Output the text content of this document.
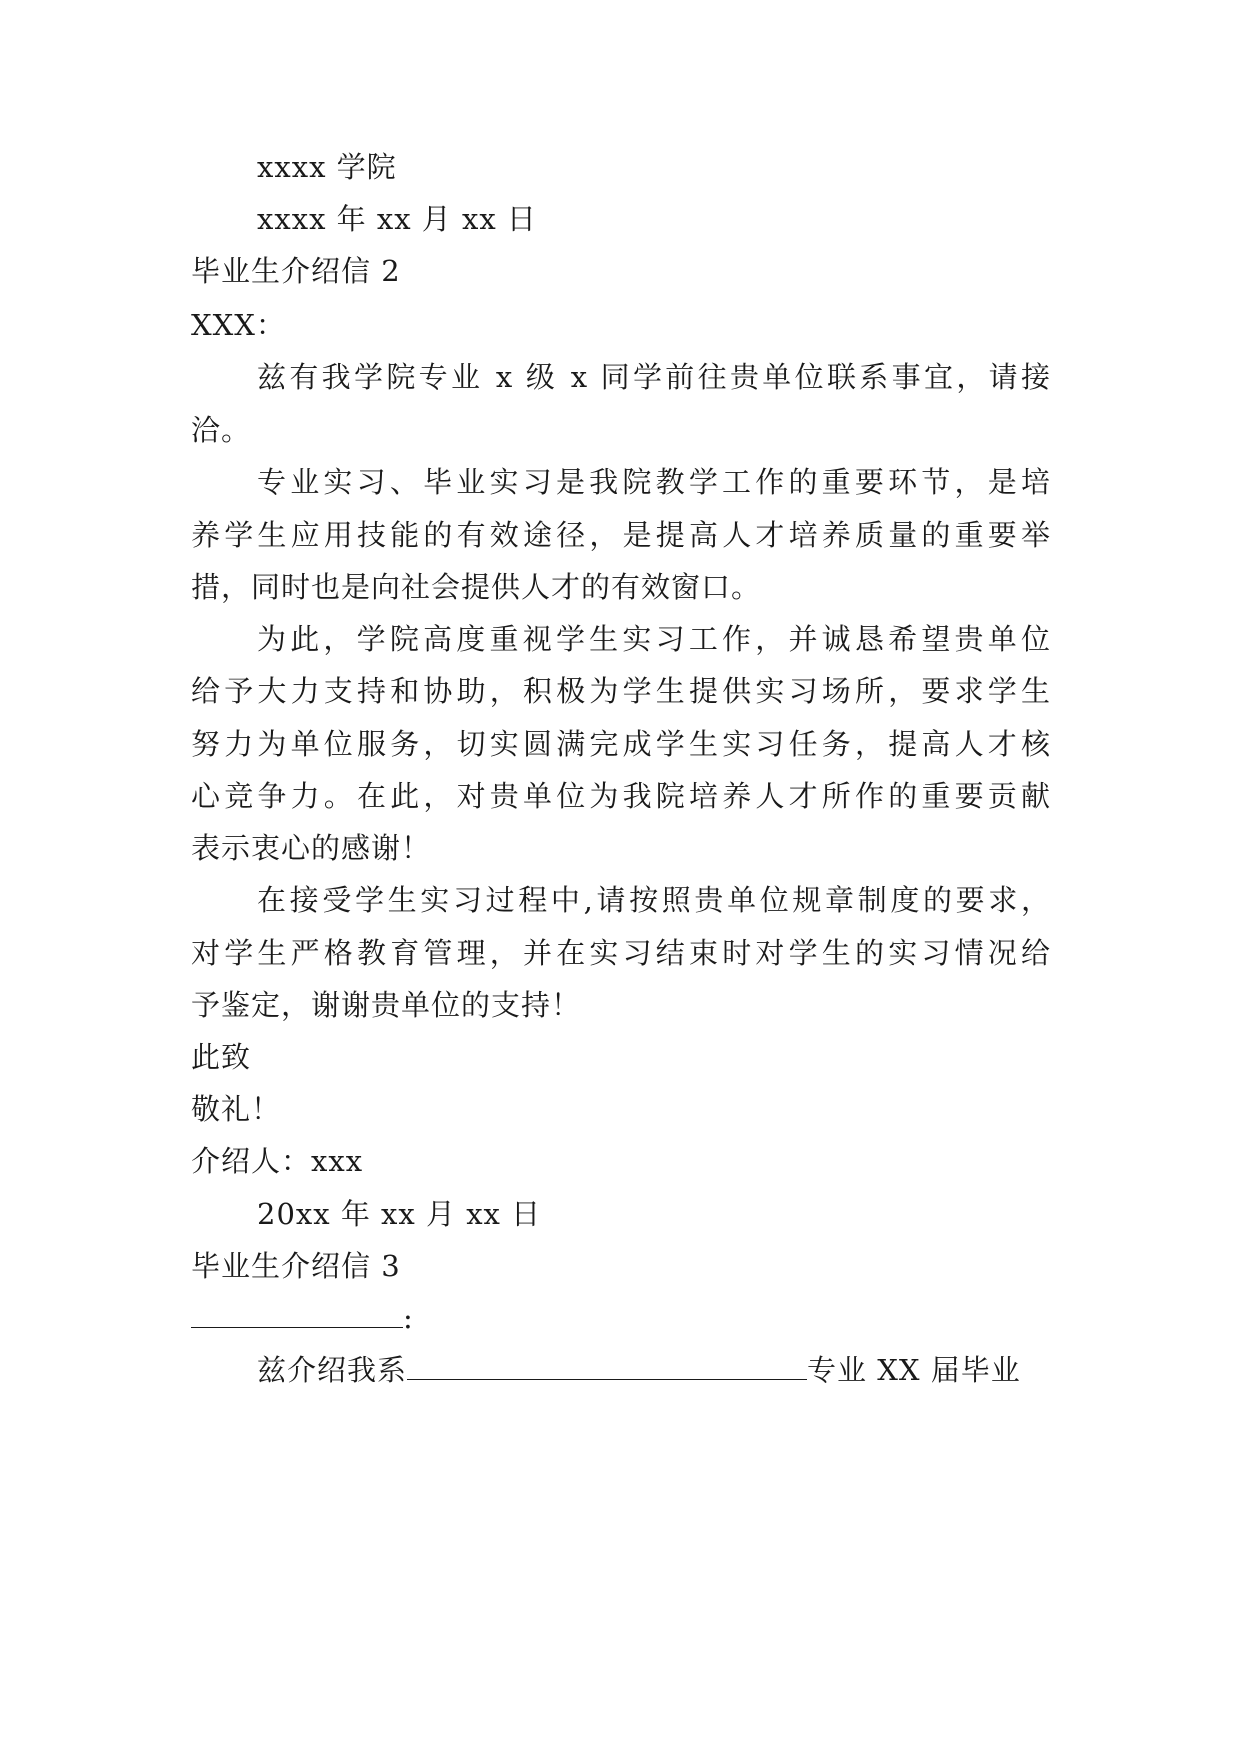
xxxx 学院
xxxx 年 xx 月 xx 日
毕业生介绍信 2
XXX：
兹有我学院专业 x 级 x 同学前往贵单位联系事宜，请接
洽。
专业实习、毕业实习是我院教学工作的重要环节，是培
养学生应用技能的有效途径，是提高人才培养质量的重要举
措，同时也是向社会提供人才的有效窗口。
为此，学院高度重视学生实习工作，并诚恳希望贵单位
给予大力支持和协助，积极为学生提供实习场所，要求学生
努力为单位服务，切实圆满完成学生实习任务，提高人才核
心竞争力。在此，对贵单位为我院培养人才所作的重要贡献
表示衷心的感谢！
在接受学生实习过程中,请按照贵单位规章制度的要求，
对学生严格教育管理，并在实习结束时对学生的实习情况给
予鉴定，谢谢贵单位的支持！
此致
敬礼！
介绍人：xxx
20xx 年 xx 月 xx 日
毕业生介绍信 3
:
兹介绍我系	专业 XX 届毕业
